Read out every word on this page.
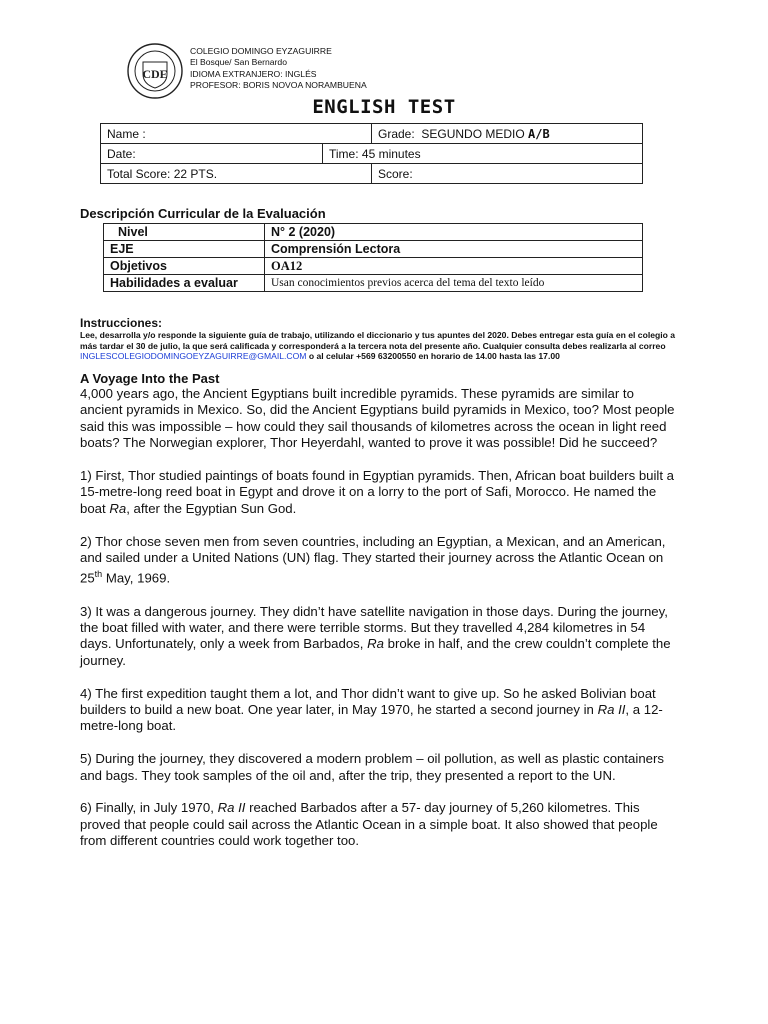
CDE
COLEGIO DOMINGO EYZAGUIRRE
El Bosque/ San Bernardo
IDIOMA EXTRANJERO: INGLÉS
PROFESOR: BORIS NOVOA NORAMBUENA
ENGLISH TEST
Name :		Grade: SEGUNDO MEDIO A/B
Date:	Time: 45 minutes	
Total Score: 22 PTS.		Score:
Descripción Curricular de la Evaluación
Nivel	N° 2 (2020)
EJE	Comprensión Lectora
Objetivos	OA12
Habilidades a evaluar	Usan conocimientos previos acerca del tema del texto leído
Instrucciones:
Lee, desarrolla y/o responde la siguiente guía de trabajo, utilizando el diccionario y tus apuntes del 2020. Debes entregar esta guía en el colegio a más tardar el 30 de julio, la que será calificada y corresponderá a la tercera nota del presente año. Cualquier consulta debes realizarla al correo INGLESCOLEGIODOMINGOEYZAGUIRRE@GMAIL.COM o al celular +569 63200550 en horario de 14.00 hasta las 17.00
A Voyage Into the Past

4,000 years ago, the Ancient Egyptians built incredible pyramids. These pyramids are similar to ancient pyramids in Mexico. So, did the Ancient Egyptians build pyramids in Mexico, too? Most people said this was impossible – how could they sail thousands of kilometres across the ocean in light reed boats? The Norwegian explorer, Thor Heyerdahl, wanted to prove it was possible! Did he succeed?

1) First, Thor studied paintings of boats found in Egyptian pyramids. Then, African boat builders built a 15-metre-long reed boat in Egypt and drove it on a lorry to the port of Safi, Morocco. He named the boat Ra, after the Egyptian Sun God.

2) Thor chose seven men from seven countries, including an Egyptian, a Mexican, and an American, and sailed under a United Nations (UN) flag. They started their journey across the Atlantic Ocean on 25th May, 1969.

3) It was a dangerous journey. They didn’t have satellite navigation in those days. During the journey, the boat filled with water, and there were terrible storms. But they travelled 4,284 kilometres in 54 days. Unfortunately, only a week from Barbados, Ra broke in half, and the crew couldn’t complete the journey.

4) The first expedition taught them a lot, and Thor didn’t want to give up. So he asked Bolivian boat builders to build a new boat. One year later, in May 1970, he started a second journey in Ra II, a 12-metre-long boat.

5) During the journey, they discovered a modern problem – oil pollution, as well as plastic containers and bags. They took samples of the oil and, after the trip, they presented a report to the UN.

6) Finally, in July 1970, Ra II reached Barbados after a 57- day journey of 5,260 kilometres. This proved that people could sail across the Atlantic Ocean in a simple boat. It also showed that people from different countries could work together too.
